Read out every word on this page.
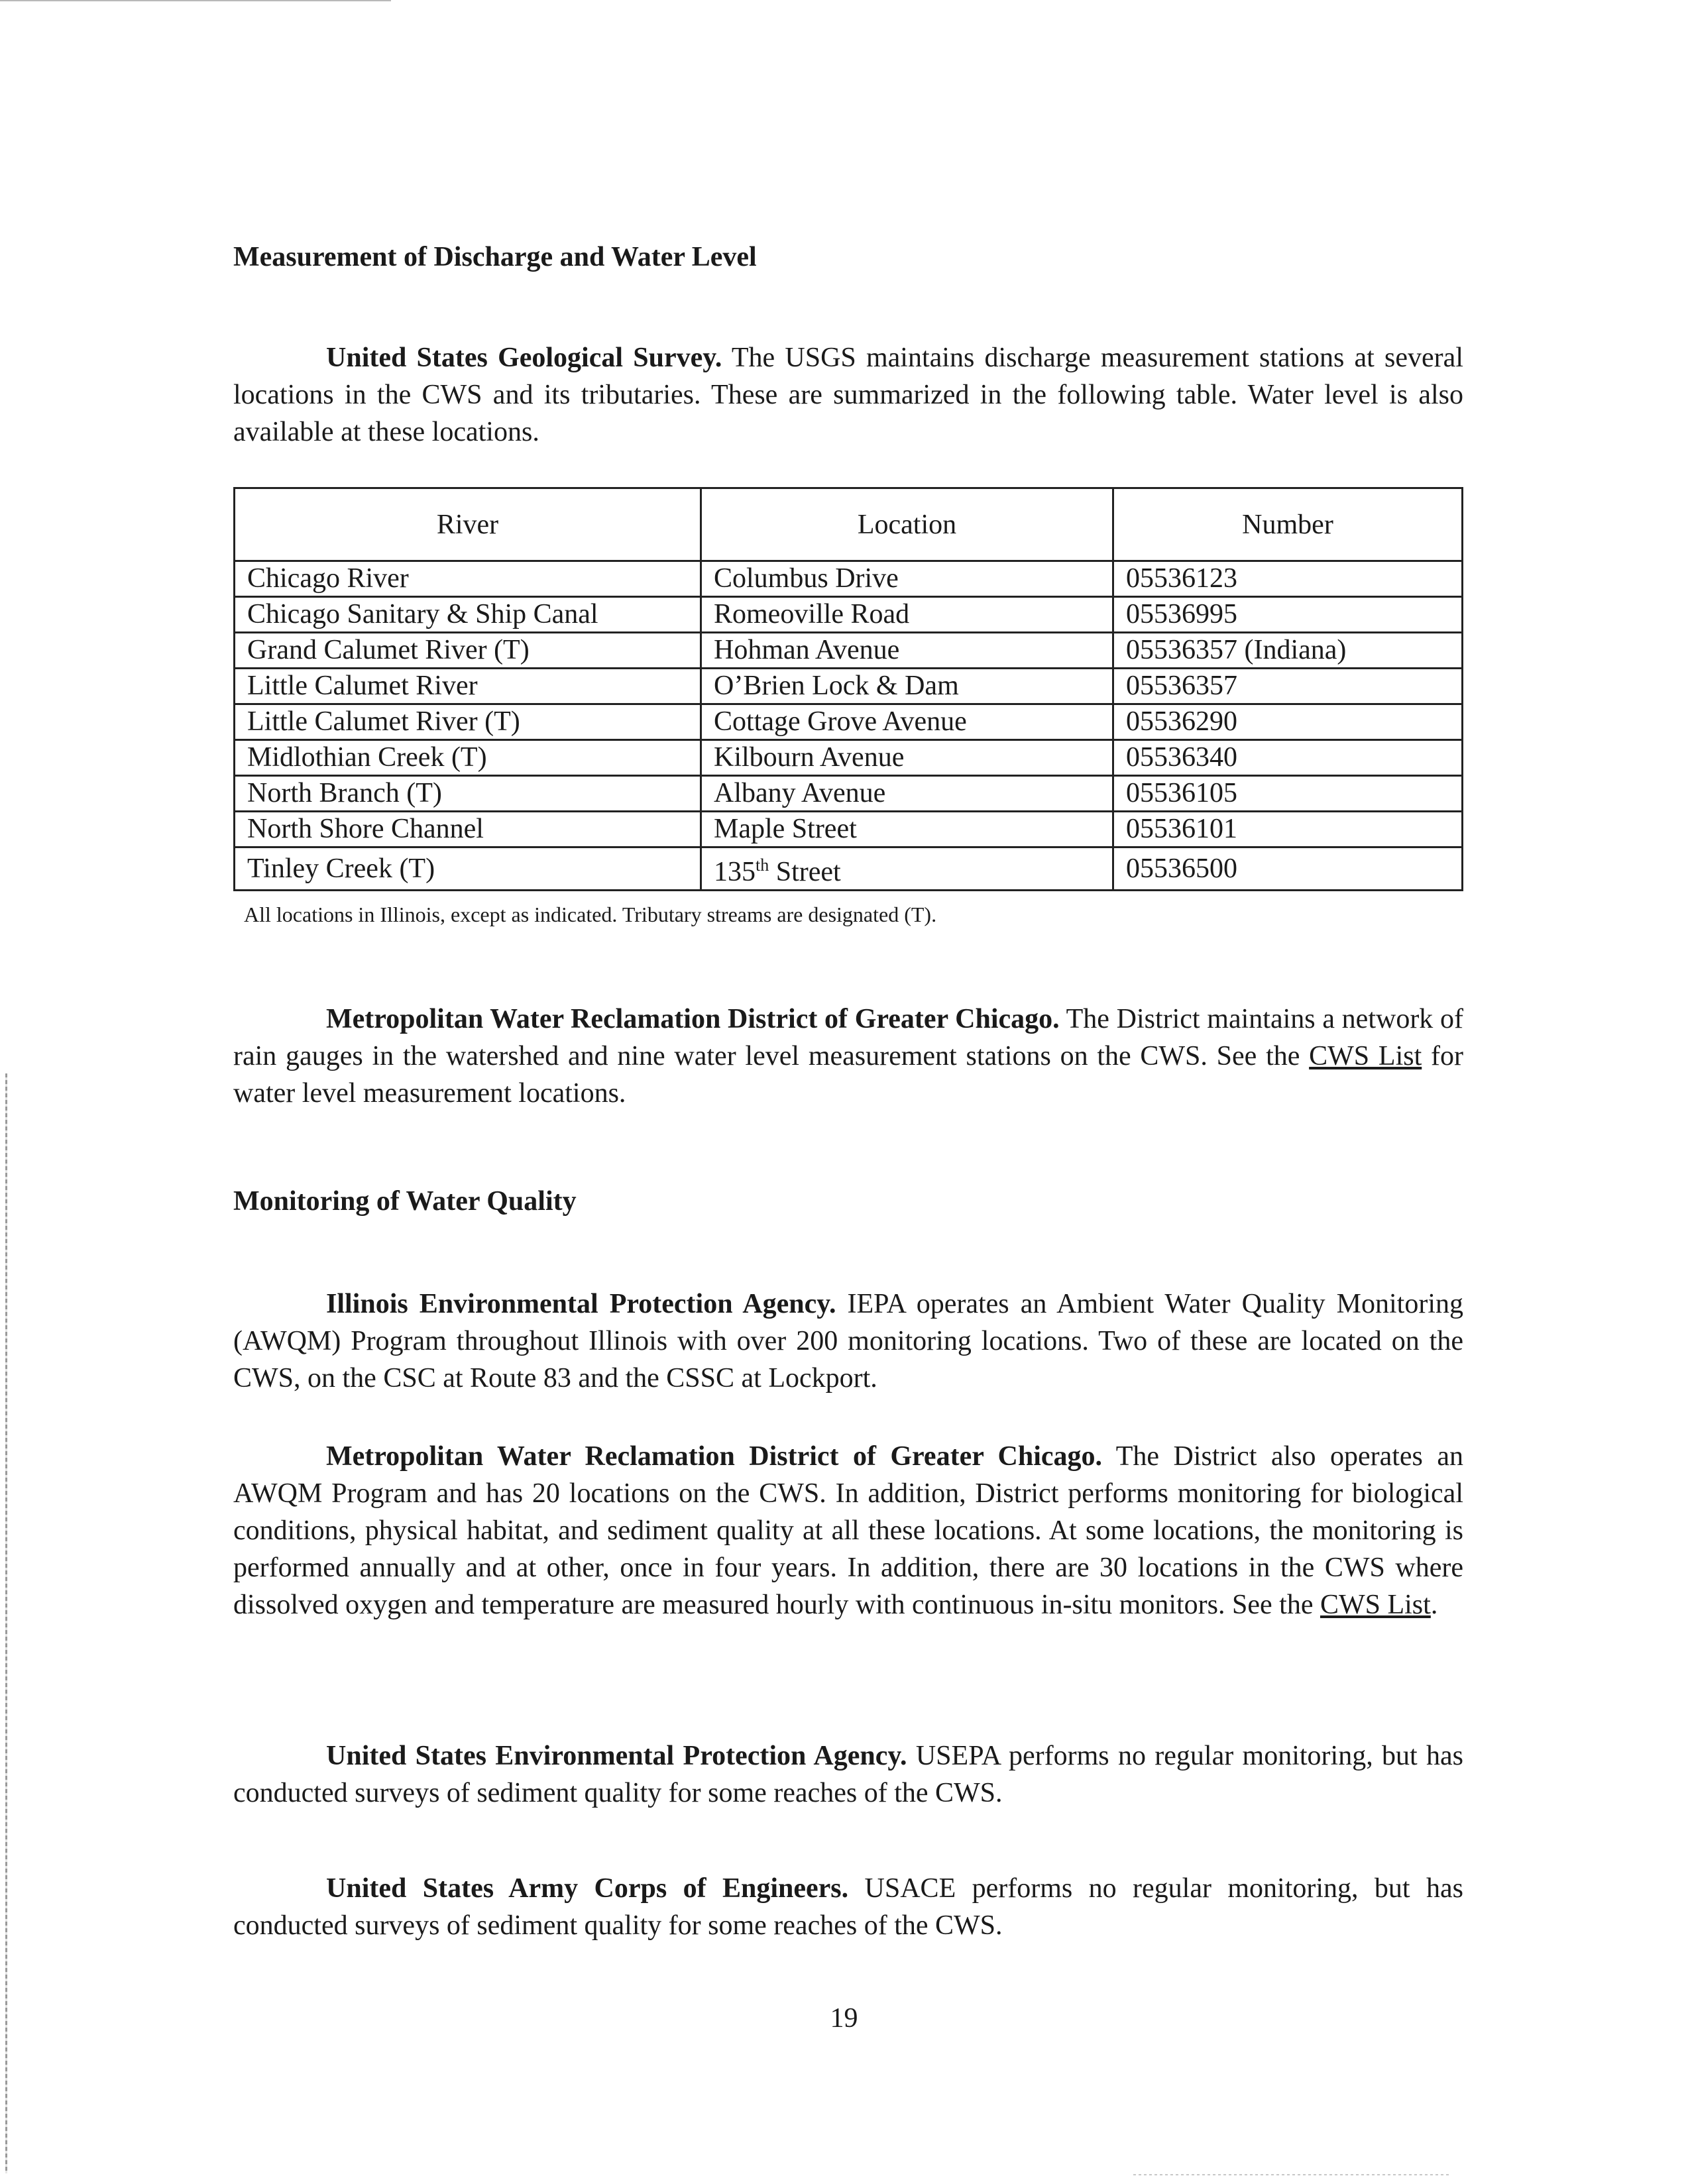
Measurement of Discharge and Water Level

United States Geological Survey. The USGS maintains discharge measurement stations at several locations in the CWS and its tributaries. These are summarized in the following table. Water level is also available at these locations.

River	Location	Number
Chicago River	Columbus Drive	05536123
Chicago Sanitary & Ship Canal	Romeoville Road	05536995
Grand Calumet River (T)	Hohman Avenue	05536357 (Indiana)
Little Calumet River	O’Brien Lock & Dam	05536357
Little Calumet River (T)	Cottage Grove Avenue	05536290
Midlothian Creek (T)	Kilbourn Avenue	05536340
North Branch (T)	Albany Avenue	05536105
North Shore Channel	Maple Street	05536101
Tinley Creek (T)	135th Street	05536500

All locations in Illinois, except as indicated. Tributary streams are designated (T).

Metropolitan Water Reclamation District of Greater Chicago. The District maintains a network of rain gauges in the watershed and nine water level measurement stations on the CWS. See the CWS List for water level measurement locations.

Monitoring of Water Quality

Illinois Environmental Protection Agency. IEPA operates an Ambient Water Quality Monitoring (AWQM) Program throughout Illinois with over 200 monitoring locations. Two of these are located on the CWS, on the CSC at Route 83 and the CSSC at Lockport.

Metropolitan Water Reclamation District of Greater Chicago. The District also operates an AWQM Program and has 20 locations on the CWS. In addition, District performs monitoring for biological conditions, physical habitat, and sediment quality at all these locations. At some locations, the monitoring is performed annually and at other, once in four years. In addition, there are 30 locations in the CWS where dissolved oxygen and temperature are measured hourly with continuous in-situ monitors. See the CWS List.

United States Environmental Protection Agency. USEPA performs no regular monitoring, but has conducted surveys of sediment quality for some reaches of the CWS.

United States Army Corps of Engineers. USACE performs no regular monitoring, but has conducted surveys of sediment quality for some reaches of the CWS.

19
